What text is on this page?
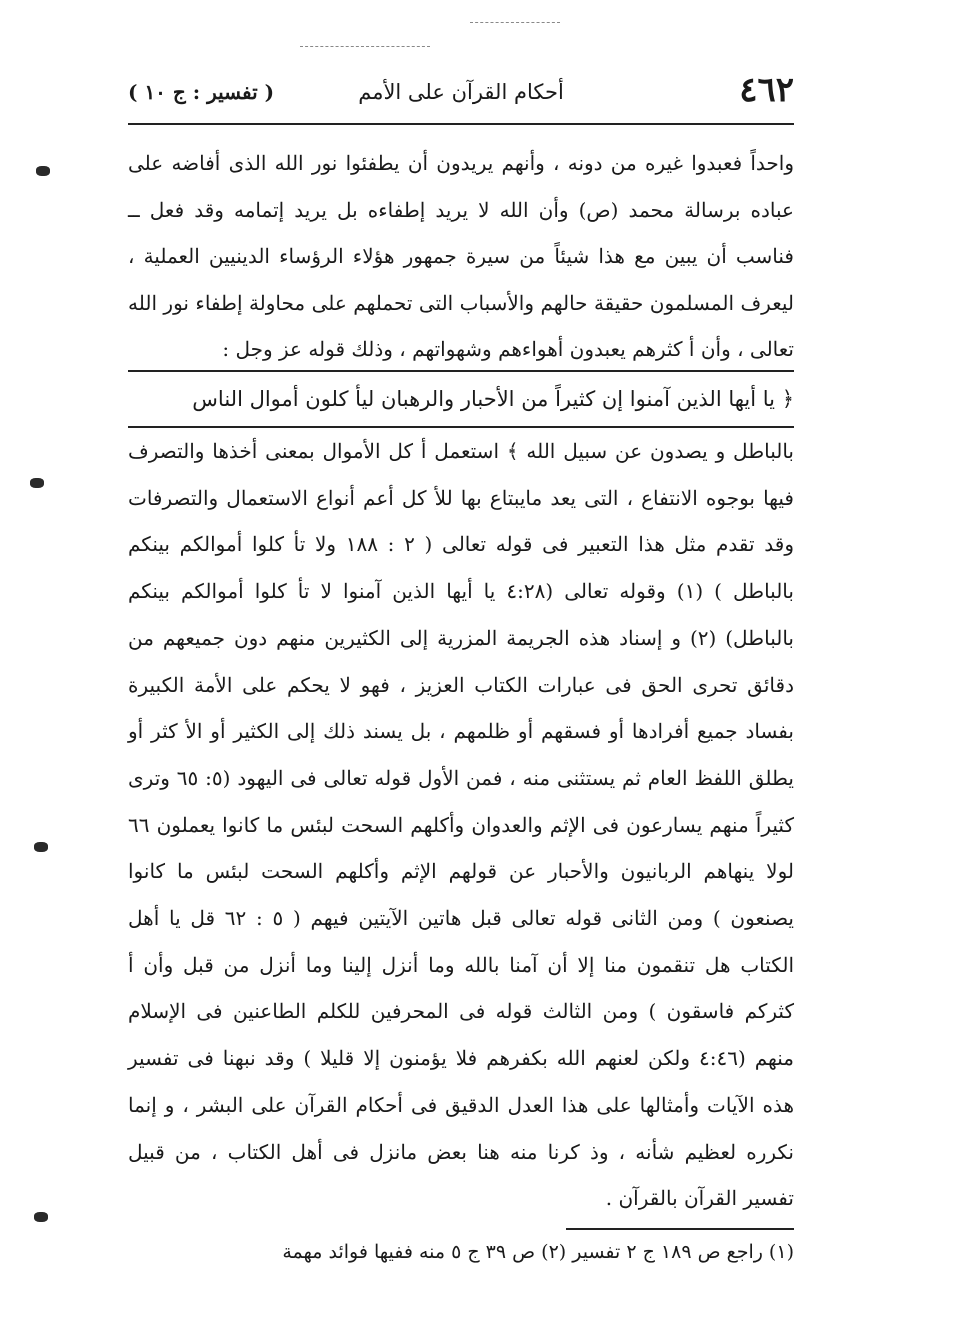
٤٦٢
أحكام القرآن على الأمم
( تفسير : ج ١٠ )

واحداً فعبدوا غيره من دونه ، وأنهم يريدون أن يطفئوا نور الله الذى أفاضه على عباده برسالة محمد (ص) وأن الله لا يريد إطفاءه بل يريد إتمامه وقد فعل ــ فناسب أن يبين مع هذا شيئاً من سيرة جمهور هؤلاء الرؤساء الدينيين العملية ، ليعرف المسلمون حقيقة حالهم والأسباب التى تحملهم على محاولة إطفاء نور الله تعالى ، وأن أ كثرهم يعبدون أهواءهم وشهواتهم ، وذلك قوله عز وجل :

﴿ يا أيها الذين آمنوا إن كثيراً من الأحبار والرهبان ليأ كلون أموال الناس

بالباطل و يصدون عن سبيل الله ﴾ استعمل أ كل الأموال بمعنى أخذها والتصرف فيها بوجوه الانتفاع ، التى يعد مايبتاع بها للأ كل أعم أنواع الاستعمال والتصرفات وقد تقدم مثل هذا التعبير فى قوله تعالى ( ٢ : ١٨٨ ولا تأ كلوا أموالكم بينكم بالباطل ) (١) وقوله تعالى (٤:٢٨ يا أيها الذين آمنوا لا تأ كلوا أموالكم بينكم بالباطل) (٢) و إسناد هذه الجريمة المزرية إلى الكثيرين منهم دون جميعهم من دقائق تحرى الحق فى عبارات الكتاب العزيز ، فهو لا يحكم على الأمة الكبيرة بفساد جميع أفرادها أو فسقهم أو ظلمهم ، بل يسند ذلك إلى الكثير أو الأ كثر أو يطلق اللفظ العام ثم يستثنى منه ، فمن الأول قوله تعالى فى اليهود (٥: ٦٥ وترى كثيراً منهم يسارعون فى الإثم والعدوان وأكلهم السحت لبئس ما كانوا يعملون ٦٦ لولا ينهاهم الربانيون والأحبار عن قولهم الإثم وأكلهم السحت لبئس ما كانوا يصنعون ) ومن الثانى قوله تعالى قبل هاتين الآيتين فيهم ( ٥ : ٦٢ قل يا أهل الكتاب هل تنقمون منا إلا أن آمنا بالله وما أنزل إلينا وما أنزل من قبل وأن أ كثركم فاسقون ) ومن الثالث قوله فى المحرفين للكلم الطاعنين فى الإسلام منهم (٤:٤٦ ولكن لعنهم الله بكفرهم فلا يؤمنون إلا قليلا ) وقد نبهنا فى تفسير هذه الآيات وأمثالها على هذا العدل الدقيق فى أحكام القرآن على البشر ، و إنما نكرره لعظيم شأنه ، وذ كرنا منه هنا بعض مانزل فى أهل الكتاب ، من قبيل تفسير القرآن بالقرآن .

(١) راجع ص ١٨٩ ج ٢ تفسير (٢) ص ٣٩ ج ٥ منه ففيها فوائد مهمة
